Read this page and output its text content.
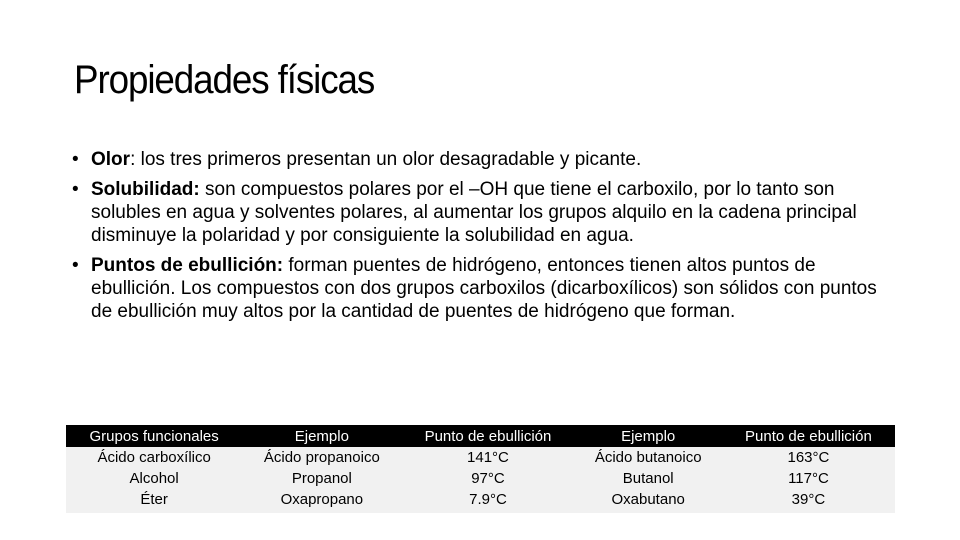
Propiedades físicas
• Olor: los tres primeros presentan un olor desagradable y picante.
• Solubilidad: son compuestos polares por el –OH que tiene el carboxilo, por lo tanto son solubles en agua y solventes polares, al aumentar los grupos alquilo en la cadena principal disminuye la polaridad y por consiguiente la solubilidad en agua.
• Puntos de ebullición: forman puentes de hidrógeno, entonces tienen altos puntos de ebullición. Los compuestos con dos grupos carboxilos (dicarboxílicos) son sólidos con puntos de ebullición muy altos por la cantidad de puentes de hidrógeno que forman.
Grupos funcionales	Ejemplo	Punto de ebullición	Ejemplo	Punto de ebullición
Ácido carboxílico	Ácido propanoico	141°C	Ácido butanoico	163°C
Alcohol	Propanol	97°C	Butanol	117°C
Éter	Oxapropano	7.9°C	Oxabutano	39°C
